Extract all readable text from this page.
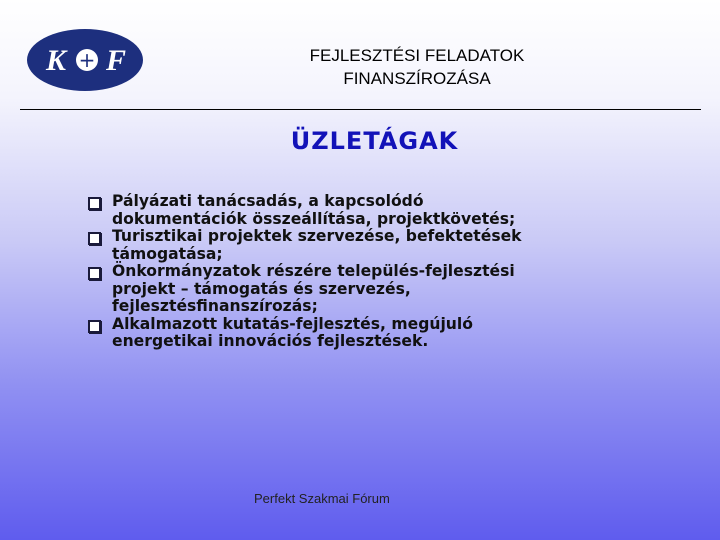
K + F	FEJLESZTÉSI FELADATOK
FINANSZÍROZÁSA
ÜZLETÁGAK
Pályázati tanácsadás, a kapcsolódó
dokumentációk összeállítása, projektkövetés;
Turisztikai projektek szervezése, befektetések
támogatása;
Önkormányzatok részére település-fejlesztési
projekt – támogatás és szervezés,
fejlesztésfinanszírozás;
Alkalmazott kutatás-fejlesztés, megújuló
energetikai innovációs fejlesztések.
Perfekt Szakmai Fórum
